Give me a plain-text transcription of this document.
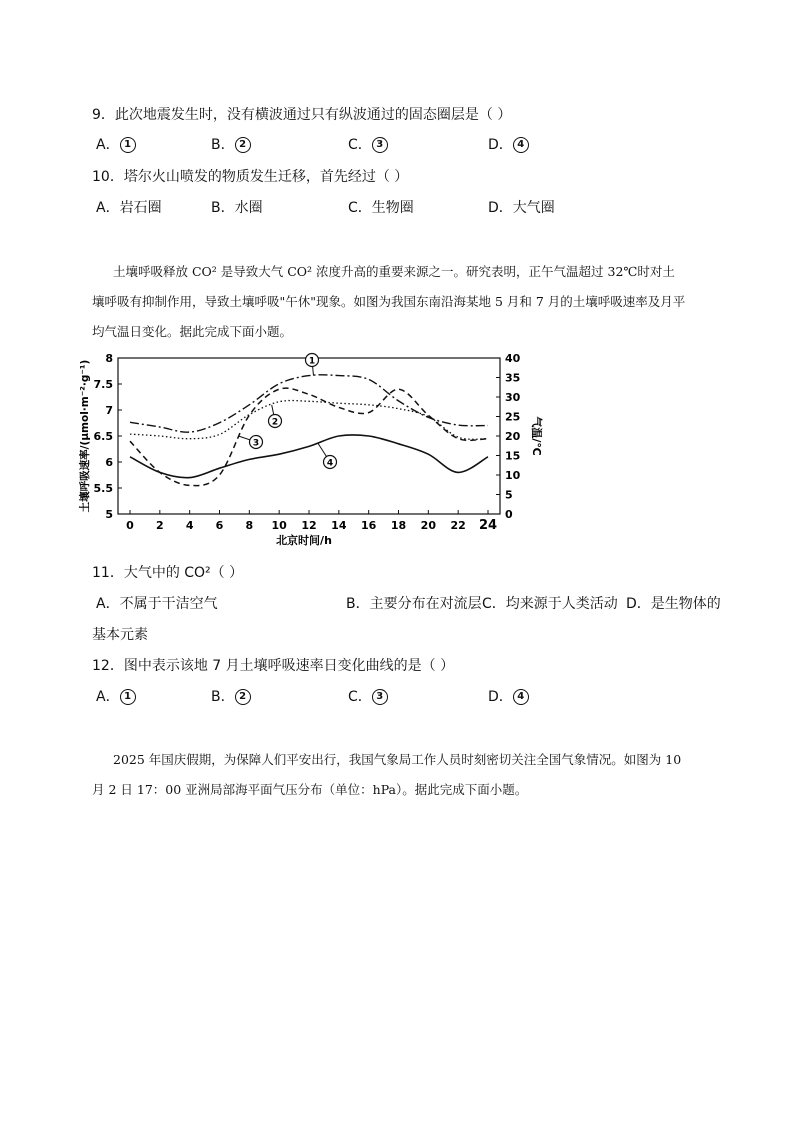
9．此次地震发生时，没有横波通过只有纵波通过的固态圈层是（ ）
A． 1	B． 2	C． 3	D． 4
10．塔尔火山喷发的物质发生迁移，首先经过（ ）
A．岩石圈	B．水圈	C．生物圈	D．大气圈
土壤呼吸释放 CO² 是导致大气 CO² 浓度升高的重要来源之一。研究表明，正午气温超过 32℃时对土
壤呼吸有抑制作用，导致土壤呼吸"午休"现象。如图为我国东南沿海某地 5 月和 7 月的土壤呼吸速率及月平
均气温日变化。据此完成下面小题。
0 2 4 6 8 10 12 14 16 18 20 22 24
5
5.5
6
6.5
7
7.5
8
0
5
10
15
20
25
30
35
40
北京时间/h
土壤呼吸速率/(μmol·m⁻²·g⁻¹)	气温/℃
1
2
3
4
11．大气中的 CO²（ ）
A．不属于干洁空气	B．主要分布在对流层 C．均来源于人类活动 D．是生物体的
基本元素
12．图中表示该地 7 月土壤呼吸速率日变化曲线的是（ ）
A． 1	B． 2	C． 3	D． 4
2025 年国庆假期，为保障人们平安出行，我国气象局工作人员时刻密切关注全国气象情况。如图为 10
月 2 日 17：00 亚洲局部海平面气压分布（单位：hPa）。据此完成下面小题。
